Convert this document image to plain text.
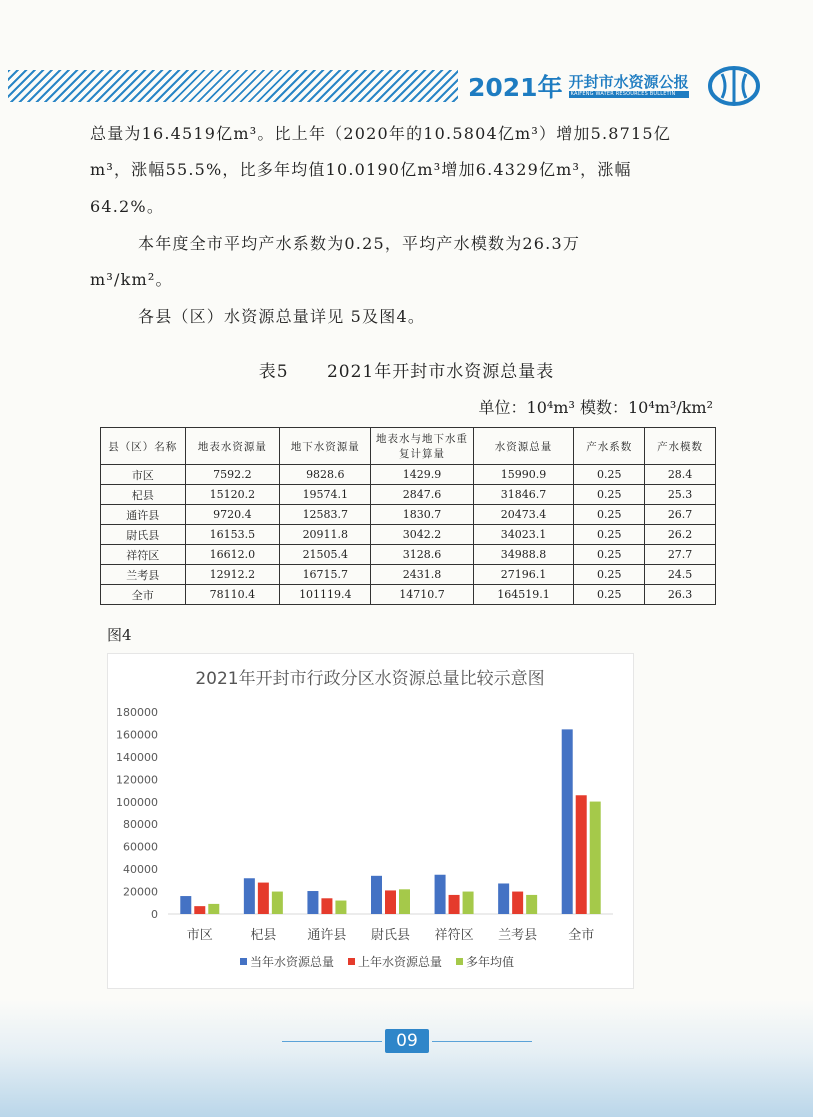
2021年 开封市水资源公报
KAIFENG WATER RESOURCES BULLETIN
总量为16.4519亿m³。比上年（2020年的10.5804亿m³）增加5.8715亿
m³，涨幅55.5%，比多年均值10.0190亿m³增加6.4329亿m³，涨幅
64.2%。
本年度全市平均产水系数为0.25，平均产水模数为26.3万
m³/km²。
各县（区）水资源总量详见 5及图4。
表5 2021年开封市水资源总量表
单位：10⁴m³ 模数：10⁴m³/km²
县（区）名称	地表水资源量	地下水资源量	地表水与地下水重复计算量	水资源总量	产水系数	产水模数
市区	7592.2	9828.6	1429.9	15990.9	0.25	28.4
杞县	15120.2	19574.1	2847.6	31846.7	0.25	25.3
通许县	9720.4	12583.7	1830.7	20473.4	0.25	26.7
尉氏县	16153.5	20911.8	3042.2	34023.1	0.25	26.2
祥符区	16612.0	21505.4	3128.6	34988.8	0.25	27.7
兰考县	12912.2	16715.7	2431.8	27196.1	0.25	24.5
全市	78110.4	101119.4	14710.7	164519.1	0.25	26.3
图4
2021年开封市行政分区水资源总量比较示意图
180000
160000
140000
120000
100000
80000
60000
40000
20000
0
市区	杞县 通许县 尉氏县 祥符区 兰考县 全市
当年水资源总量 上年水资源总量 多年均值
09
